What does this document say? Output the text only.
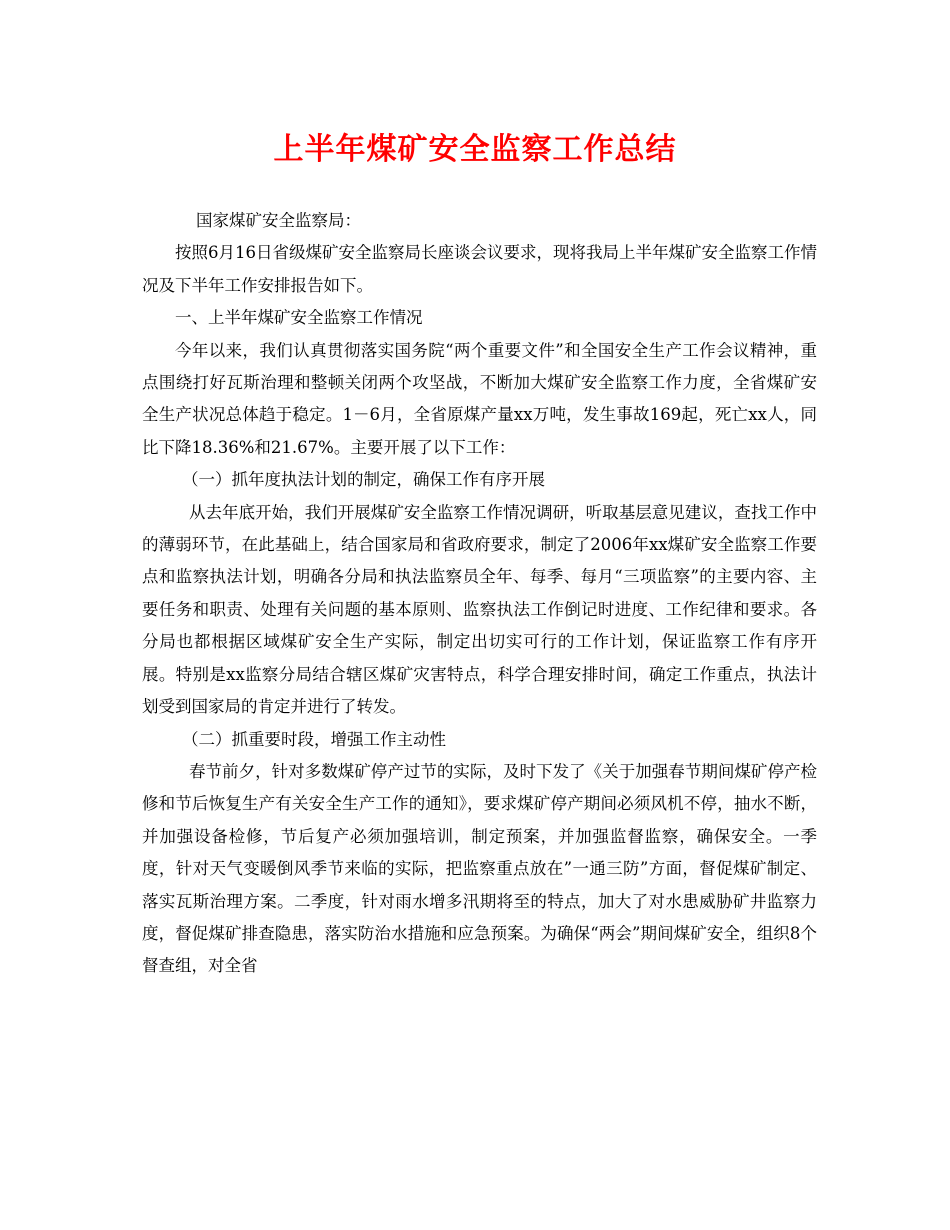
上半年煤矿安全监察工作总结

国家煤矿安全监察局：

按照6月16日省级煤矿安全监察局长座谈会议要求，现将我局上半年煤矿安全监察工作情况及下半年工作安排报告如下。

一、上半年煤矿安全监察工作情况

今年以来，我们认真贯彻落实国务院“两个重要文件”和全国安全生产工作会议精神，重点围绕打好瓦斯治理和整顿关闭两个攻坚战，不断加大煤矿安全监察工作力度，全省煤矿安全生产状况总体趋于稳定。1－6月，全省原煤产量xx万吨，发生事故169起，死亡xx人，同比下降18.36%和21.67%。主要开展了以下工作：

（一）抓年度执法计划的制定，确保工作有序开展

从去年底开始，我们开展煤矿安全监察工作情况调研，听取基层意见建议，查找工作中的薄弱环节，在此基础上，结合国家局和省政府要求，制定了2006年xx煤矿安全监察工作要点和监察执法计划，明确各分局和执法监察员全年、每季、每月“三项监察”的主要内容、主要任务和职责、处理有关问题的基本原则、监察执法工作倒记时进度、工作纪律和要求。各分局也都根据区域煤矿安全生产实际，制定出切实可行的工作计划，保证监察工作有序开展。特别是xx监察分局结合辖区煤矿灾害特点，科学合理安排时间，确定工作重点，执法计划受到国家局的肯定并进行了转发。

（二）抓重要时段，增强工作主动性

春节前夕，针对多数煤矿停产过节的实际，及时下发了《关于加强春节期间煤矿停产检修和节后恢复生产有关安全生产工作的通知》，要求煤矿停产期间必须风机不停，抽水不断，并加强设备检修，节后复产必须加强培训，制定预案，并加强监督监察，确保安全。一季度，针对天气变暖倒风季节来临的实际，把监察重点放在”一通三防”方面，督促煤矿制定、落实瓦斯治理方案。二季度，针对雨水增多汛期将至的特点，加大了对水患威胁矿井监察力度，督促煤矿排查隐患，落实防治水措施和应急预案。为确保“两会”期间煤矿安全，组织8个督查组，对全省
